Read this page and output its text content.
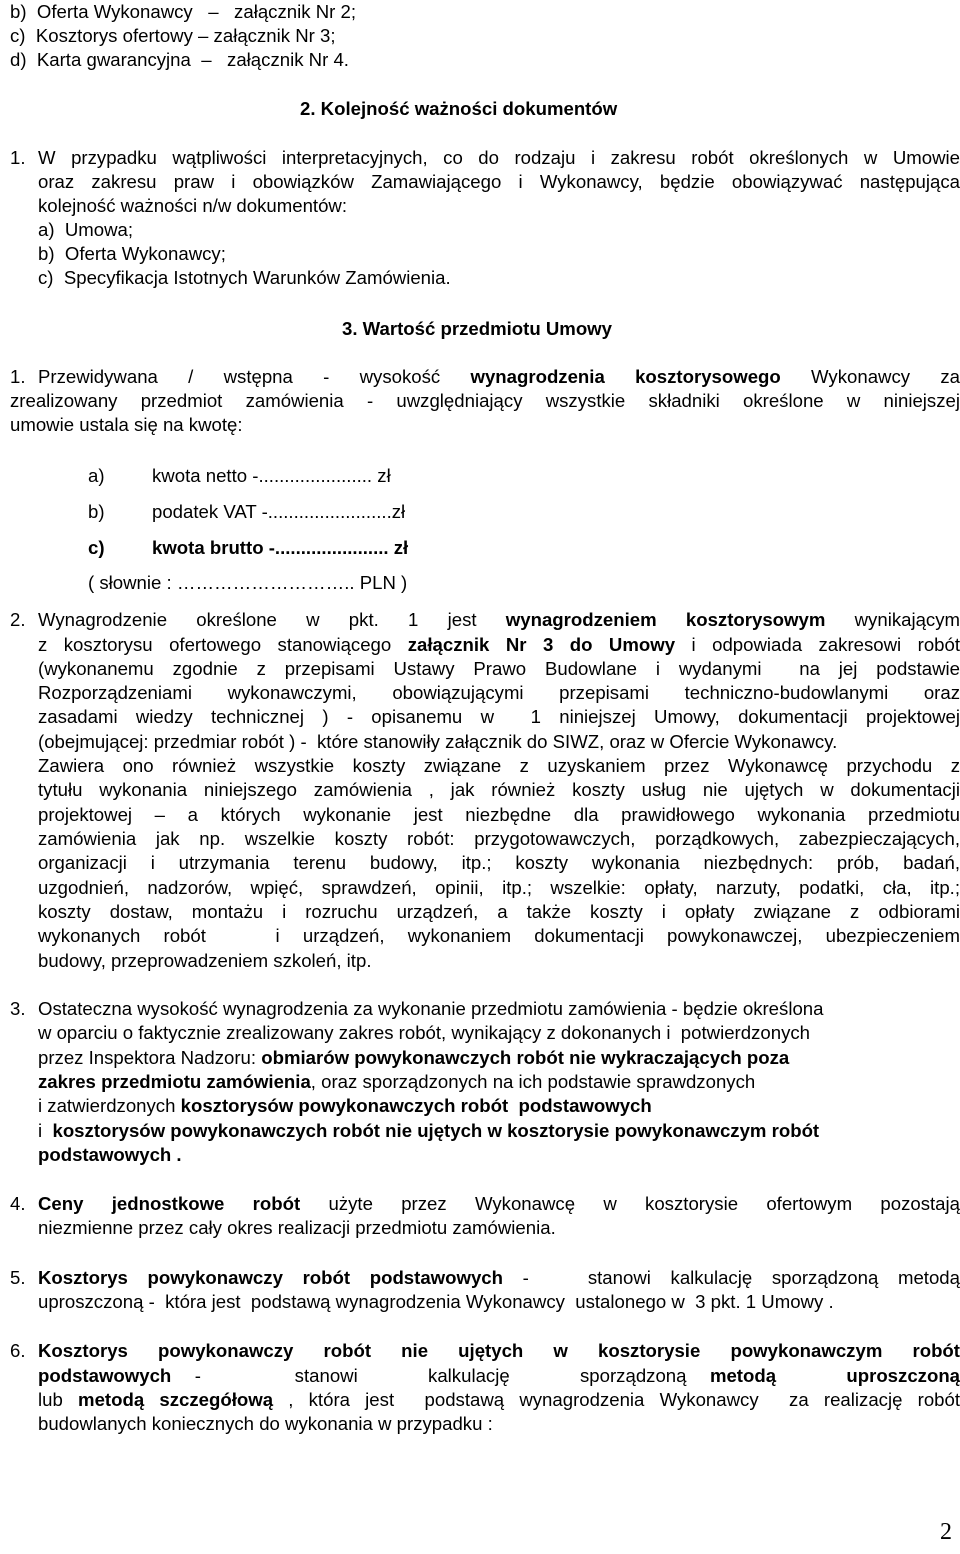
b)  Oferta Wykonawcy   –   załącznik Nr 2;
c)  Kosztorys ofertowy – załącznik Nr 3;
d)  Karta gwarancyjna  –   załącznik Nr 4.
2. Kolejność ważności dokumentów
1. W przypadku wątpliwości interpretacyjnych, co do rodzaju i zakresu robót określonych w Umowie
oraz zakresu praw i obowiązków Zamawiającego i Wykonawcy, będzie obowiązywać następująca
kolejność ważności n/w dokumentów:
a)  Umowa;
b)  Oferta Wykonawcy;
c)  Specyfikacja Istotnych Warunków Zamówienia.
3. Wartość przedmiotu Umowy
1. Przewidywana / wstępna - wysokość wynagrodzenia kosztorysowego Wykonawcy za
zrealizowany przedmiot zamówienia - uwzględniający wszystkie składniki określone w niniejszej
umowie ustala się na kwotę:
a)	kwota netto -...................... zł
b)	podatek VAT -........................zł
c)	kwota brutto -...................... zł
( słownie : ……………………….. PLN )
2. Wynagrodzenie określone w pkt. 1 jest wynagrodzeniem kosztorysowym wynikającym
z kosztorysu ofertowego stanowiącego załącznik Nr 3 do Umowy i odpowiada zakresowi robót
(wykonanemu zgodnie z przepisami Ustawy Prawo Budowlane i wydanymi  na jej podstawie
Rozporządzeniami wykonawczymi, obowiązującymi przepisami techniczno-budowlanymi oraz
zasadami wiedzy technicznej ) - opisanemu w  1 niniejszej Umowy, dokumentacji projektowej
(obejmującej: przedmiar robót ) -  które stanowiły załącznik do SIWZ, oraz w Ofercie Wykonawcy.
Zawiera ono również wszystkie koszty związane z uzyskaniem przez Wykonawcę przychodu z
tytułu wykonania niniejszego zamówienia , jak również koszty usług nie ujętych w dokumentacji
projektowej – a których wykonanie jest niezbędne dla prawidłowego wykonania przedmiotu
zamówienia jak np. wszelkie koszty robót: przygotowawczych, porządkowych, zabezpieczających,
organizacji i utrzymania terenu budowy, itp.; koszty wykonania niezbędnych: prób, badań,
uzgodnień, nadzorów, wpięć, sprawdzeń, opinii, itp.; wszelkie: opłaty, narzuty, podatki, cła, itp.;
koszty dostaw, montażu i rozruchu urządzeń, a także koszty i opłaty związane z odbiorami
wykonanych robót   i urządzeń, wykonaniem dokumentacji powykonawczej, ubezpieczeniem
budowy, przeprowadzeniem szkoleń, itp.
3. Ostateczna wysokość wynagrodzenia za wykonanie przedmiotu zamówienia - będzie określona
w oparciu o faktycznie zrealizowany zakres robót, wynikający z dokonanych i  potwierdzonych
przez Inspektora Nadzoru: obmiarów powykonawczych robót nie wykraczających poza
zakres przedmiotu zamówienia, oraz sporządzonych na ich podstawie sprawdzonych
i zatwierdzonych kosztorysów powykonawczych robót  podstawowych
i kosztorysów powykonawczych robót nie ujętych w kosztorysie powykonawczym robót
podstawowych .
4. Ceny jednostkowe robót użyte przez Wykonawcę w kosztorysie ofertowym pozostają
niezmienne przez cały okres realizacji przedmiotu zamówienia.
5. Kosztorys powykonawczy robót podstawowych -   stanowi kalkulację sporządzoną metodą
uproszczoną -  która jest  podstawą wynagrodzenia Wykonawcy  ustalonego w  3 pkt. 1 Umowy .
6. Kosztorys powykonawczy robót nie ujętych w kosztorysie powykonawczym robót
podstawowych -    stanowi   kalkulację   sporządzoną metodą   uproszczoną
lub metodą szczegółową , która jest  podstawą wynagrodzenia Wykonawcy  za realizację robót
budowlanych koniecznych do wykonania w przypadku :
2
